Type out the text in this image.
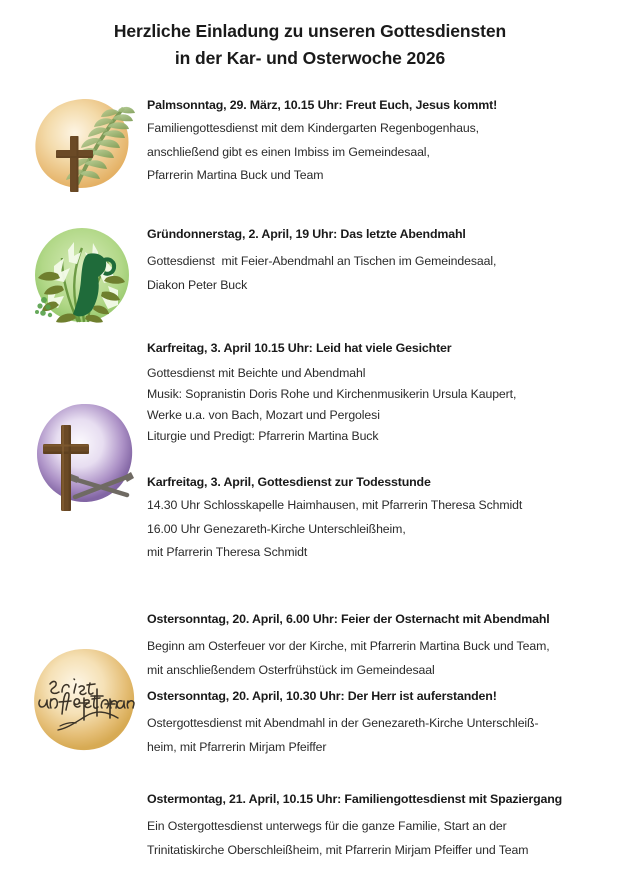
Herzliche Einladung zu unseren Gottesdiensten
in der Kar- und Osterwoche 2026
Palmsonntag, 29. März, 10.15 Uhr: Freut Euch, Jesus kommt!
Familiengottesdienst mit dem Kindergarten Regenbogenhaus,
anschließend gibt es einen Imbiss im Gemeindesaal,
Pfarrerin Martina Buck und Team
Gründonnerstag, 2. April, 19 Uhr: Das letzte Abendmahl
Gottesdienst  mit Feier-Abendmahl an Tischen im Gemeindesaal,
Diakon Peter Buck
Karfreitag, 3. April 10.15 Uhr: Leid hat viele Gesichter
Gottesdienst mit Beichte und Abendmahl
Musik: Sopranistin Doris Rohe und Kirchenmusikerin Ursula Kaupert,
Werke u.a. von Bach, Mozart und Pergolesi
Liturgie und Predigt: Pfarrerin Martina Buck
Karfreitag, 3. April, Gottesdienst zur Todesstunde
14.30 Uhr Schlosskapelle Haimhausen, mit Pfarrerin Theresa Schmidt
16.00 Uhr Genezareth-Kirche Unterschleißheim,
mit Pfarrerin Theresa Schmidt
Ostersonntag, 20. April, 6.00 Uhr: Feier der Osternacht mit Abendmahl
Beginn am Osterfeuer vor der Kirche, mit Pfarrerin Martina Buck und Team,
mit anschließendem Osterfrühstück im Gemeindesaal
Ostersonntag, 20. April, 10.30 Uhr: Der Herr ist auferstanden!
Ostergottesdienst mit Abendmahl in der Genezareth-Kirche Unterschleiß-
heim, mit Pfarrerin Mirjam Pfeiffer
Ostermontag, 21. April, 10.15 Uhr: Familiengottesdienst mit Spaziergang
Ein Ostergottesdienst unterwegs für die ganze Familie, Start an der
Trinitatiskirche Oberschleißheim, mit Pfarrerin Mirjam Pfeiffer und Team
